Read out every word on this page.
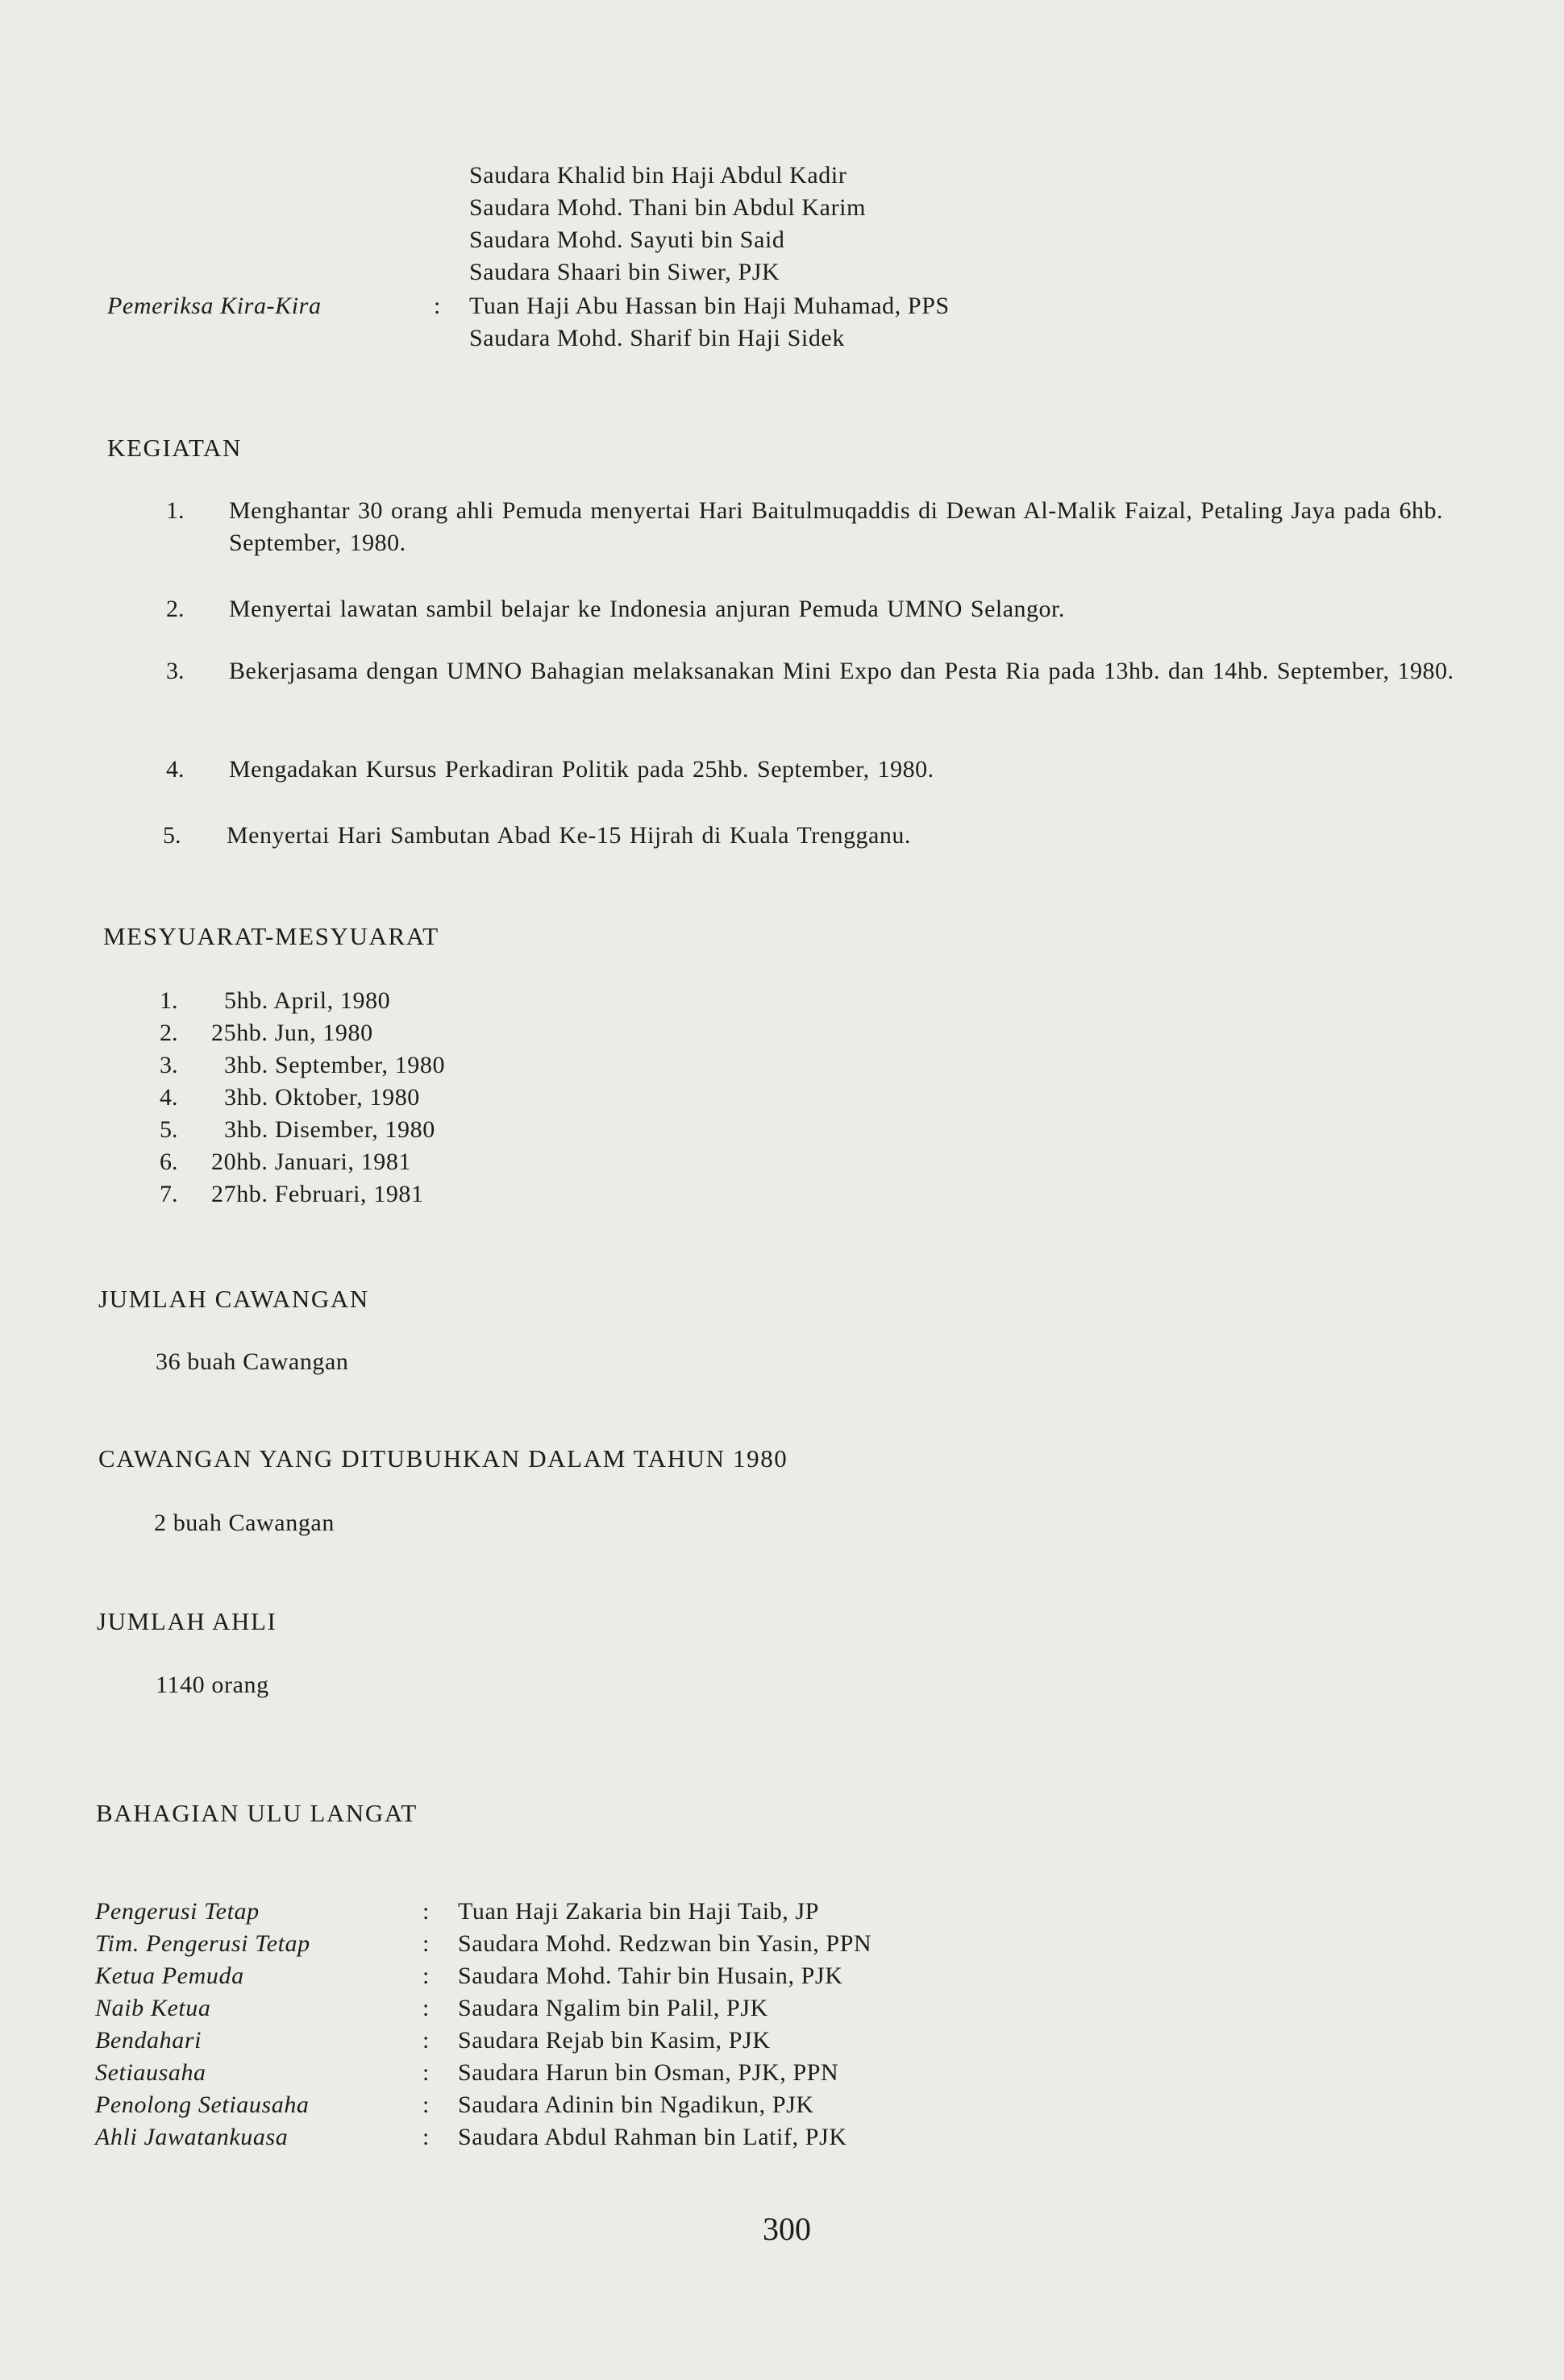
Saudara Khalid bin Haji Abdul Kadir
Saudara Mohd. Thani bin Abdul Karim
Saudara Mohd. Sayuti bin Said
Saudara Shaari bin Siwer, PJK
Pemeriksa Kira-Kira	: Tuan Haji Abu Hassan bin Haji Muhamad, PPS
Saudara Mohd. Sharif bin Haji Sidek
KEGIATAN
1. Menghantar 30 orang ahli Pemuda menyertai Hari Baitulmuqaddis di Dewan Al-Malik Faizal, Petaling Jaya pada 6hb. September, 1980.
2. Menyertai lawatan sambil belajar ke Indonesia anjuran Pemuda UMNO Selangor.
3. Bekerjasama dengan UMNO Bahagian melaksanakan Mini Expo dan Pesta Ria pada 13hb. dan 14hb. September, 1980.
4. Mengadakan Kursus Perkadiran Politik pada 25hb. September, 1980.
5. Menyertai Hari Sambutan Abad Ke-15 Hijrah di Kuala Trengganu.
MESYUARAT-MESYUARAT
1. 5hb. April, 1980
2. 25hb. Jun, 1980
3. 3hb. September, 1980
4. 3hb. Oktober, 1980
5. 3hb. Disember, 1980
6. 20hb. Januari, 1981
7. 27hb. Februari, 1981
JUMLAH CAWANGAN
36 buah Cawangan
CAWANGAN YANG DITUBUHKAN DALAM TAHUN 1980
2 buah Cawangan
JUMLAH AHLI
1140 orang
BAHAGIAN ULU LANGAT
Pengerusi Tetap	: Tuan Haji Zakaria bin Haji Taib, JP
Tim. Pengerusi Tetap	: Saudara Mohd. Redzwan bin Yasin, PPN
Ketua Pemuda	: Saudara Mohd. Tahir bin Husain, PJK
Naib Ketua	: Saudara Ngalim bin Palil, PJK
Bendahari	: Saudara Rejab bin Kasim, PJK
Setiausaha	: Saudara Harun bin Osman, PJK, PPN
Penolong Setiausaha	: Saudara Adinin bin Ngadikun, PJK
Ahli Jawatankuasa	: Saudara Abdul Rahman bin Latif, PJK
300
